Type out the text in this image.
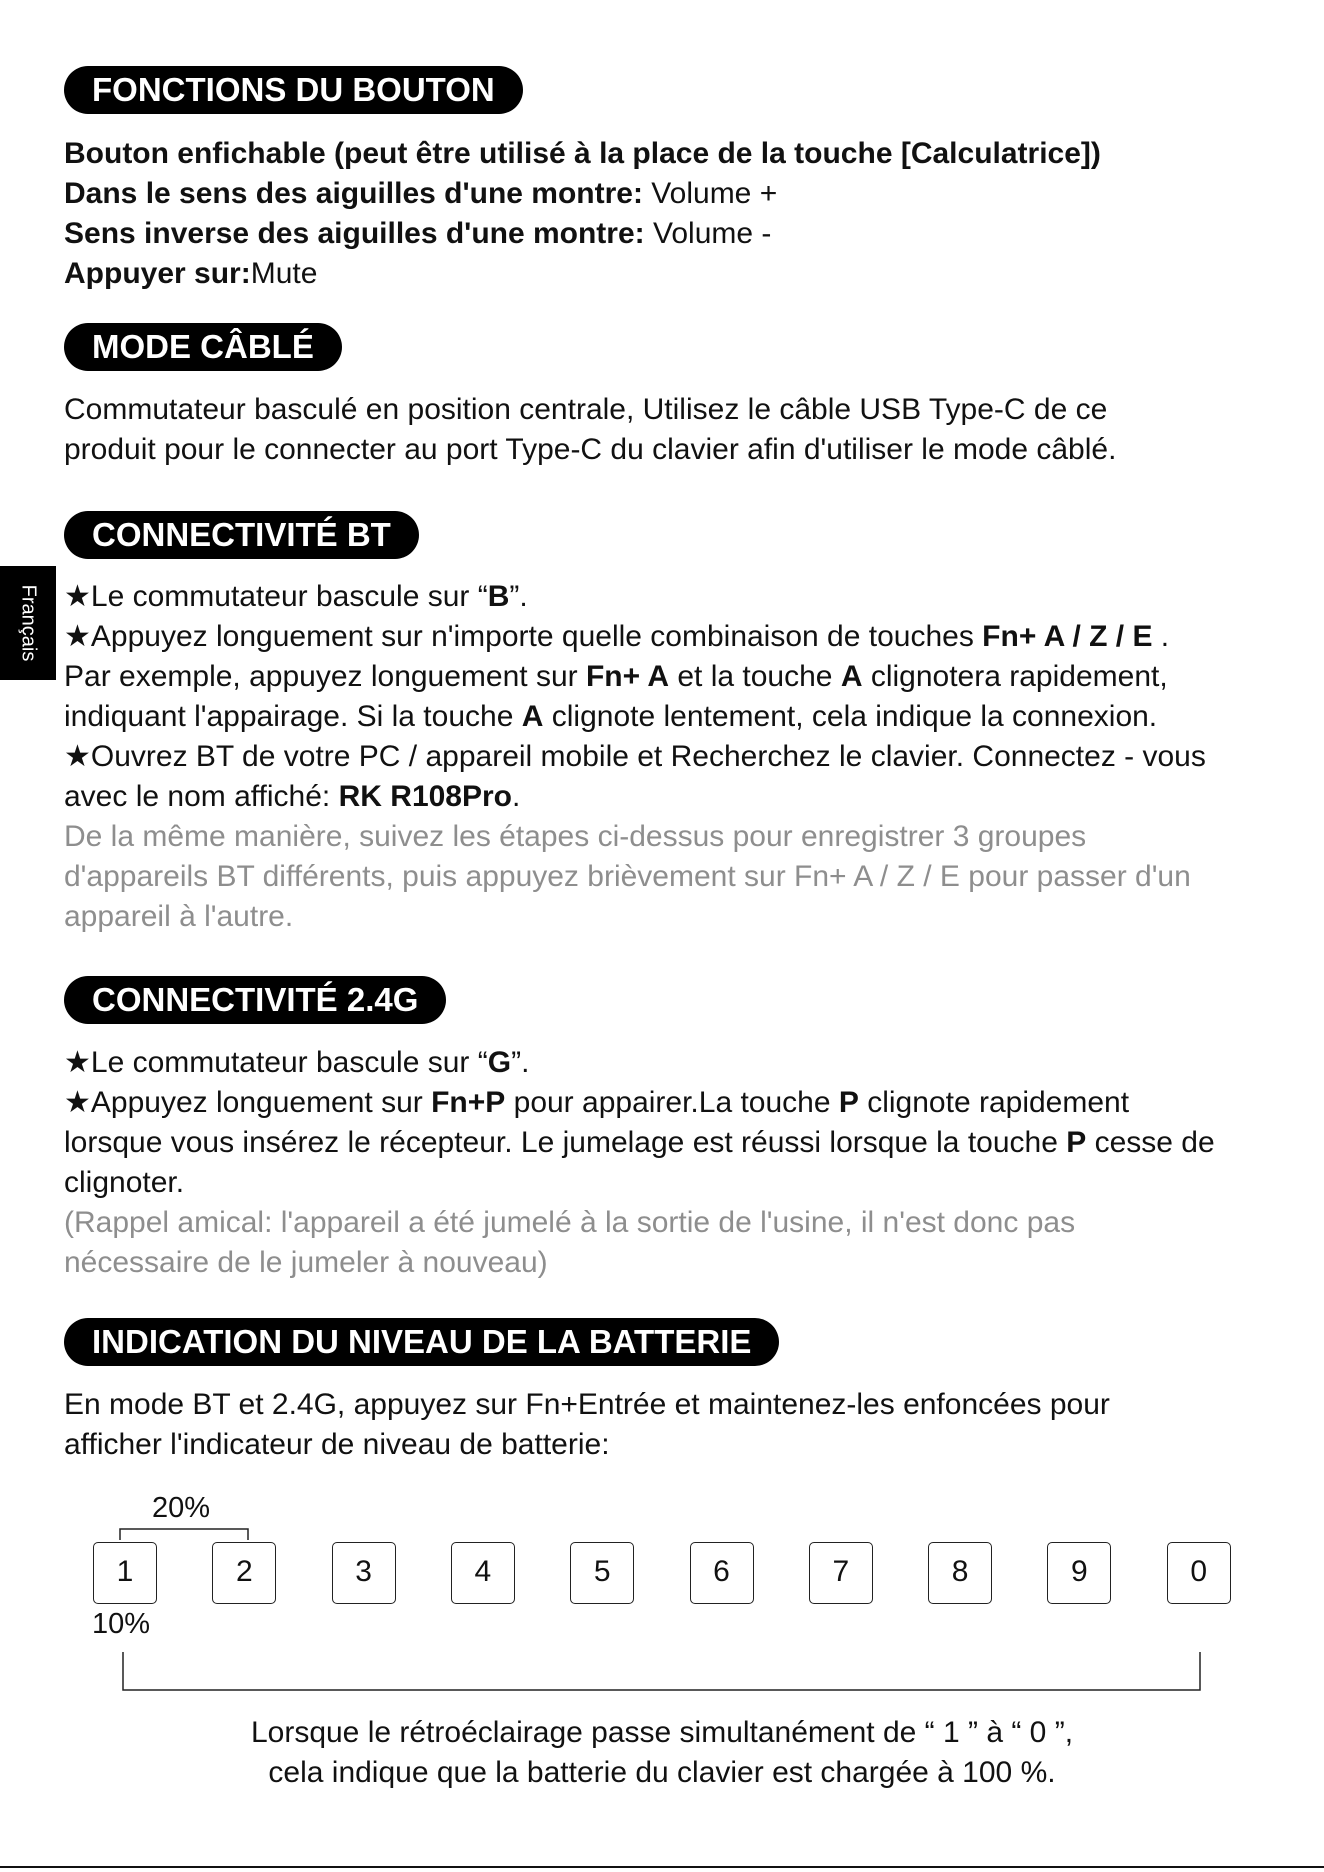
Français
FONCTIONS DU BOUTON
Bouton enfichable (peut être utilisé à la place de la touche [Calculatrice])
Dans le sens des aiguilles d'une montre: Volume +
Sens inverse des aiguilles d'une montre: Volume -
Appuyer sur:Mute
MODE CÂBLÉ
Commutateur basculé en position centrale, Utilisez le câble USB Type-C de ce
produit pour le connecter au port Type-C du clavier afin d'utiliser le mode câblé.
CONNECTIVITÉ BT
★Le commutateur bascule sur “B”.
★Appuyez longuement sur n'importe quelle combinaison de touches Fn+ A / Z / E .
Par exemple, appuyez longuement sur Fn+ A et la touche A clignotera rapidement,
indiquant l'appairage. Si la touche A clignote lentement, cela indique la connexion.
★Ouvrez BT de votre PC / appareil mobile et Recherchez le clavier. Connectez - vous
avec le nom affiché: RK R108Pro.
De la même manière, suivez les étapes ci-dessus pour enregistrer 3 groupes
d'appareils BT différents, puis appuyez brièvement sur Fn+ A / Z / E pour passer d'un
appareil à l'autre.
CONNECTIVITÉ 2.4G
★Le commutateur bascule sur “G”.
★Appuyez longuement sur Fn+P pour appairer.La touche P clignote rapidement
lorsque vous insérez le récepteur. Le jumelage est réussi lorsque la touche P cesse de
clignoter.
(Rappel amical: l'appareil a été jumelé à la sortie de l'usine, il n'est donc pas
nécessaire de le jumeler à nouveau)
INDICATION DU NIVEAU DE LA BATTERIE
En mode BT et 2.4G, appuyez sur Fn+Entrée et maintenez-les enfoncées pour
afficher l'indicateur de niveau de batterie:
20%
1	2	3	4	5	6	7	8	9	0
10%
Lorsque le rétroéclairage passe simultanément de “ 1 ” à “ 0 ”,
cela indique que la batterie du clavier est chargée à 100 %.
